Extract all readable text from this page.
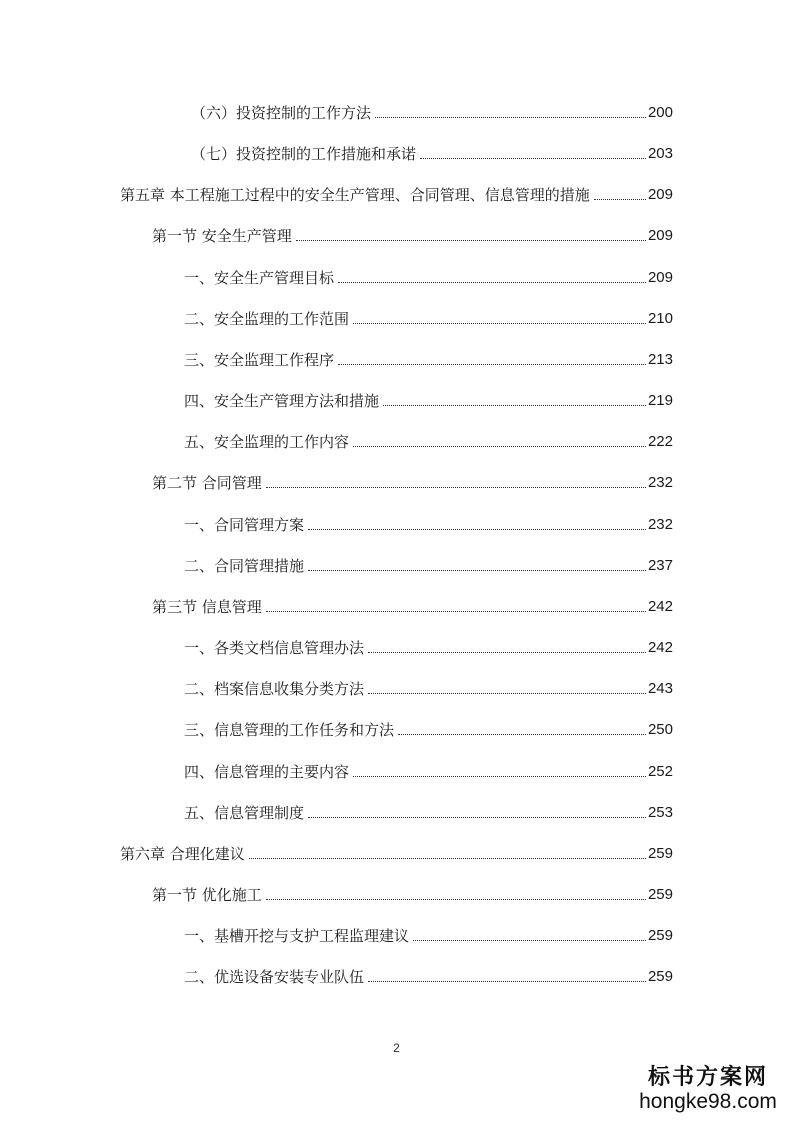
（六）投资控制的工作方法	200
（七）投资控制的工作措施和承诺	203
第五章 本工程施工过程中的安全生产管理、合同管理、信息管理的措施	209
第一节 安全生产管理	209
一、安全生产管理目标	209
二、安全监理的工作范围	210
三、安全监理工作程序	213
四、安全生产管理方法和措施	219
五、安全监理的工作内容	222
第二节 合同管理	232
一、合同管理方案	232
二、合同管理措施	237
第三节 信息管理	242
一、各类文档信息管理办法	242
二、档案信息收集分类方法	243
三、信息管理的工作任务和方法	250
四、信息管理的主要内容	252
五、信息管理制度	253
第六章 合理化建议	259
第一节 优化施工	259
一、基槽开挖与支护工程监理建议	259
二、优选设备安装专业队伍	259
2
标书方案网
hongke98.com
